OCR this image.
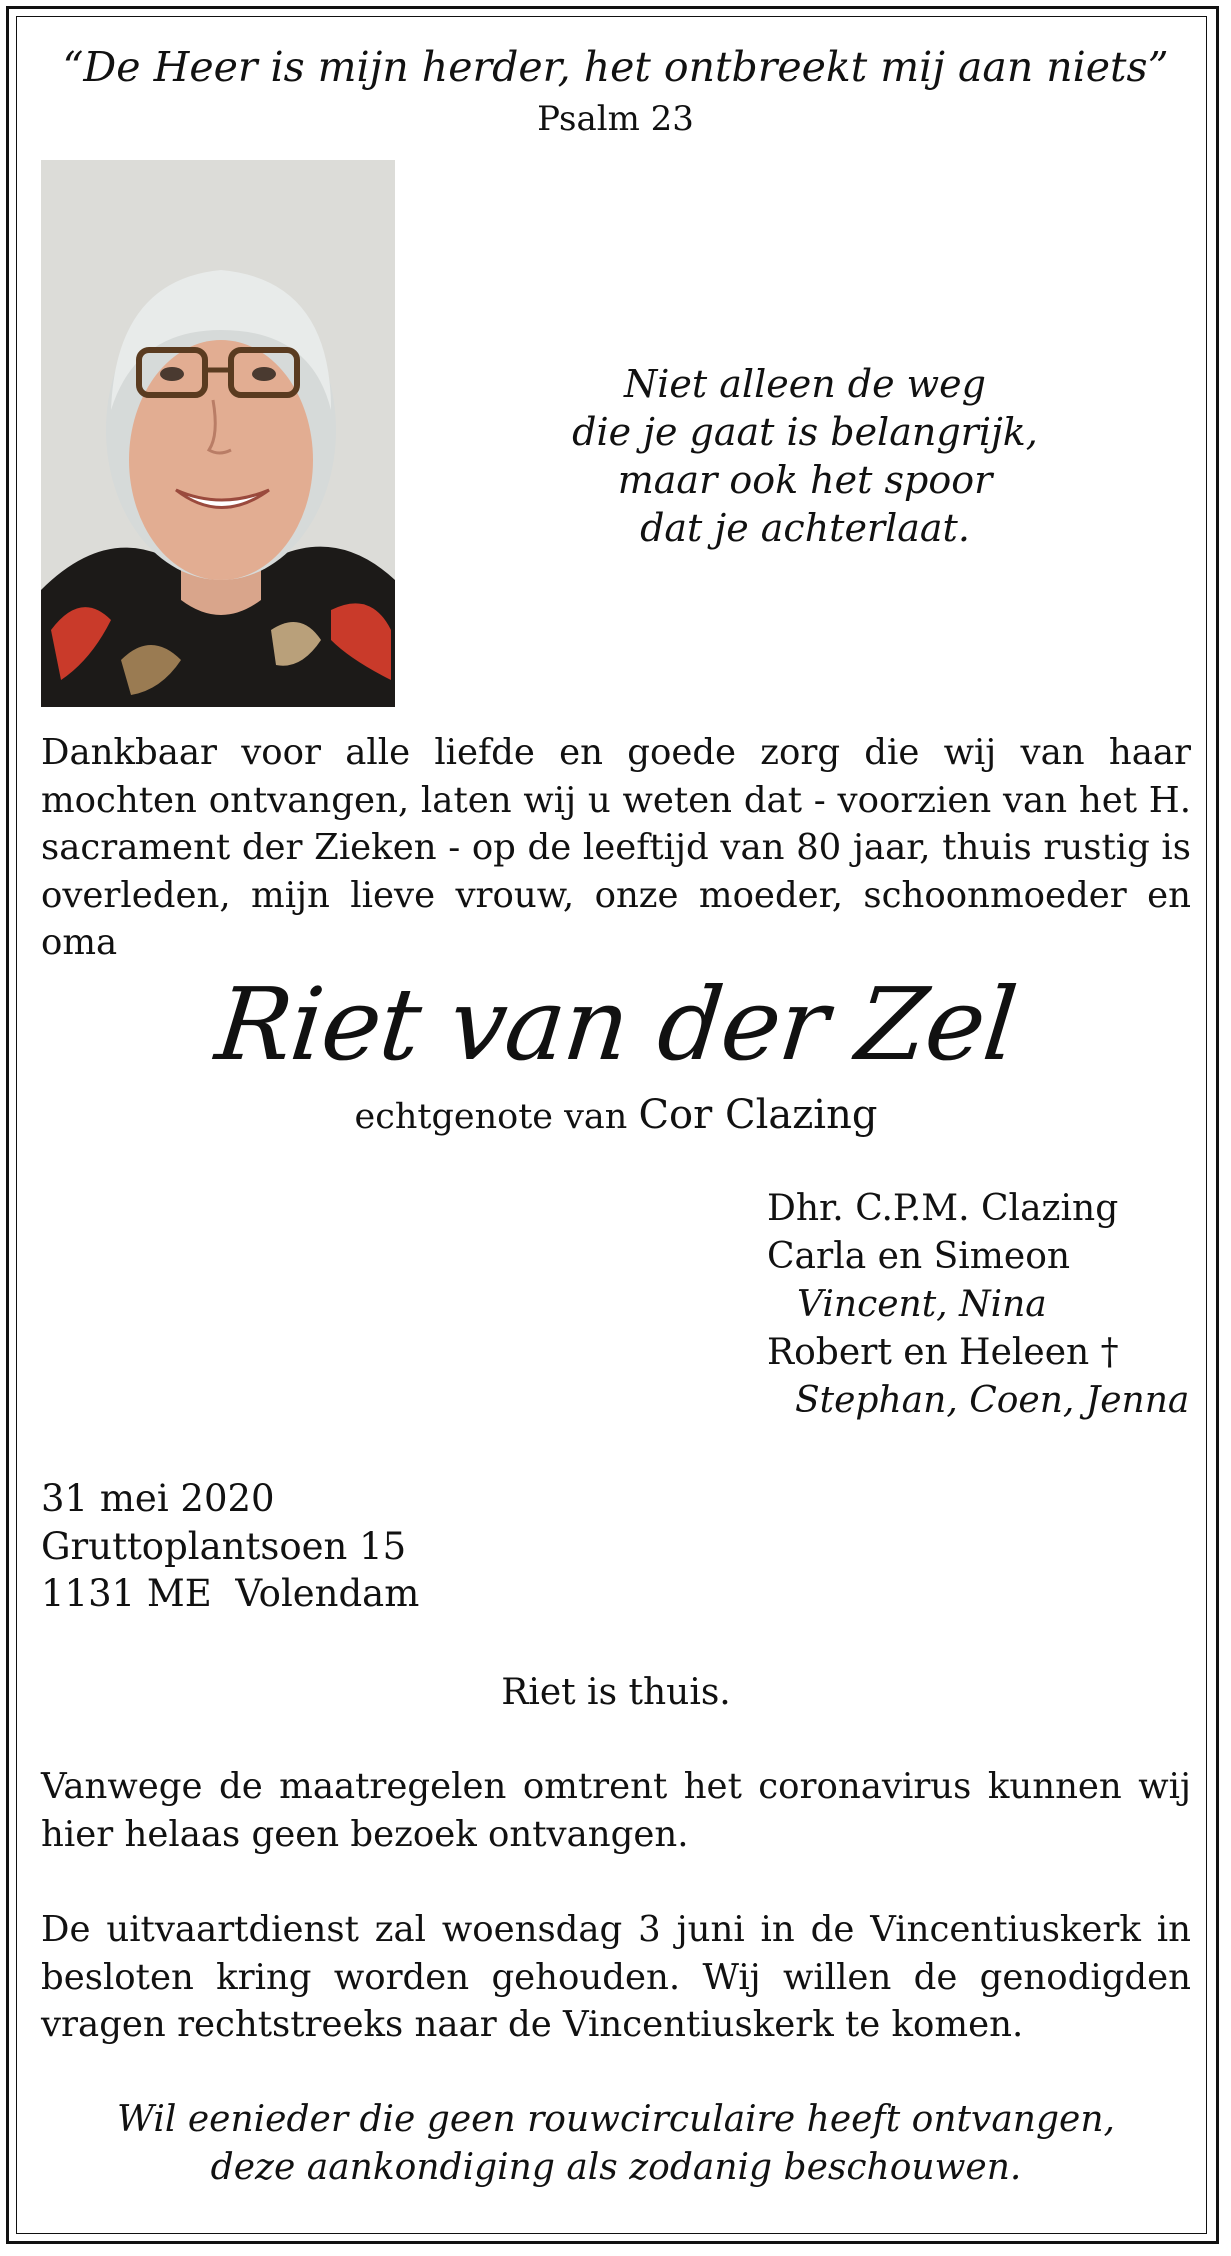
“De Heer is mijn herder, het ontbreekt mij aan niets”
Psalm 23
Niet alleen de weg
die je gaat is belangrijk,
maar ook het spoor
dat je achterlaat.
Dankbaar voor alle liefde en goede zorg die wij van haar mochten ontvangen, laten wij u weten dat - voorzien van het H. sacrament der Zieken - op de leeftijd van 80 jaar, thuis rustig is overleden, mijn lieve vrouw, onze moeder, schoonmoeder en oma
Riet van der Zel
echtgenote van Cor Clazing
Dhr. C.P.M. Clazing
Carla en Simeon
Vincent, Nina
Robert en Heleen †
Stephan, Coen, Jenna
31 mei 2020
Gruttoplantsoen 15
1131 ME  Volendam
Riet is thuis.
Vanwege de maatregelen omtrent het coronavirus kunnen wij hier helaas geen bezoek ontvangen.
De uitvaartdienst zal woensdag 3 juni in de Vincentiuskerk in besloten kring worden gehouden. Wij willen de genodigden vragen rechtstreeks naar de Vincentiuskerk te komen.
Wil eenieder die geen rouwcirculaire heeft ontvangen,
deze aankondiging als zodanig beschouwen.
